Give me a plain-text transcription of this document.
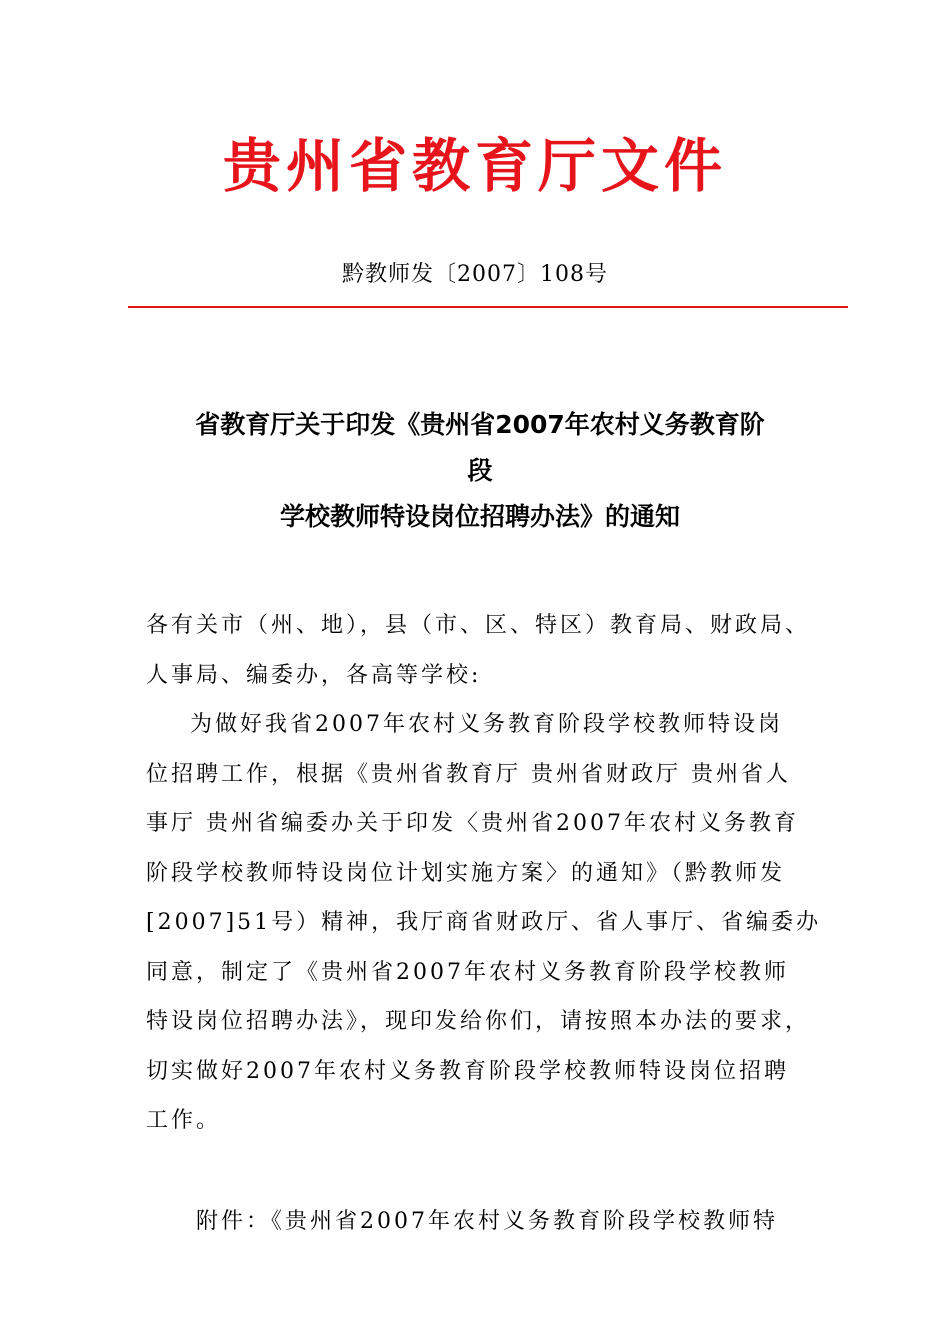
贵州省教育厅文件
黔教师发〔2007〕108号
省教育厅关于印发《贵州省2007年农村义务教育阶
段
学校教师特设岗位招聘办法》的通知
各有关市（州、地），县（市、区、特区）教育局、财政局、
人事局、编委办，各高等学校:
为做好我省2007年农村义务教育阶段学校教师特设岗
位招聘工作，根据《贵州省教育厅 贵州省财政厅 贵州省人
事厅 贵州省编委办关于印发〈贵州省2007年农村义务教育
阶段学校教师特设岗位计划实施方案〉的通知》（黔教师发
[2007]51号）精神，我厅商省财政厅、省人事厅、省编委办
同意，制定了《贵州省2007年农村义务教育阶段学校教师
特设岗位招聘办法》，现印发给你们，请按照本办法的要求，
切实做好2007年农村义务教育阶段学校教师特设岗位招聘
工作。
附件：《贵州省2007年农村义务教育阶段学校教师特
